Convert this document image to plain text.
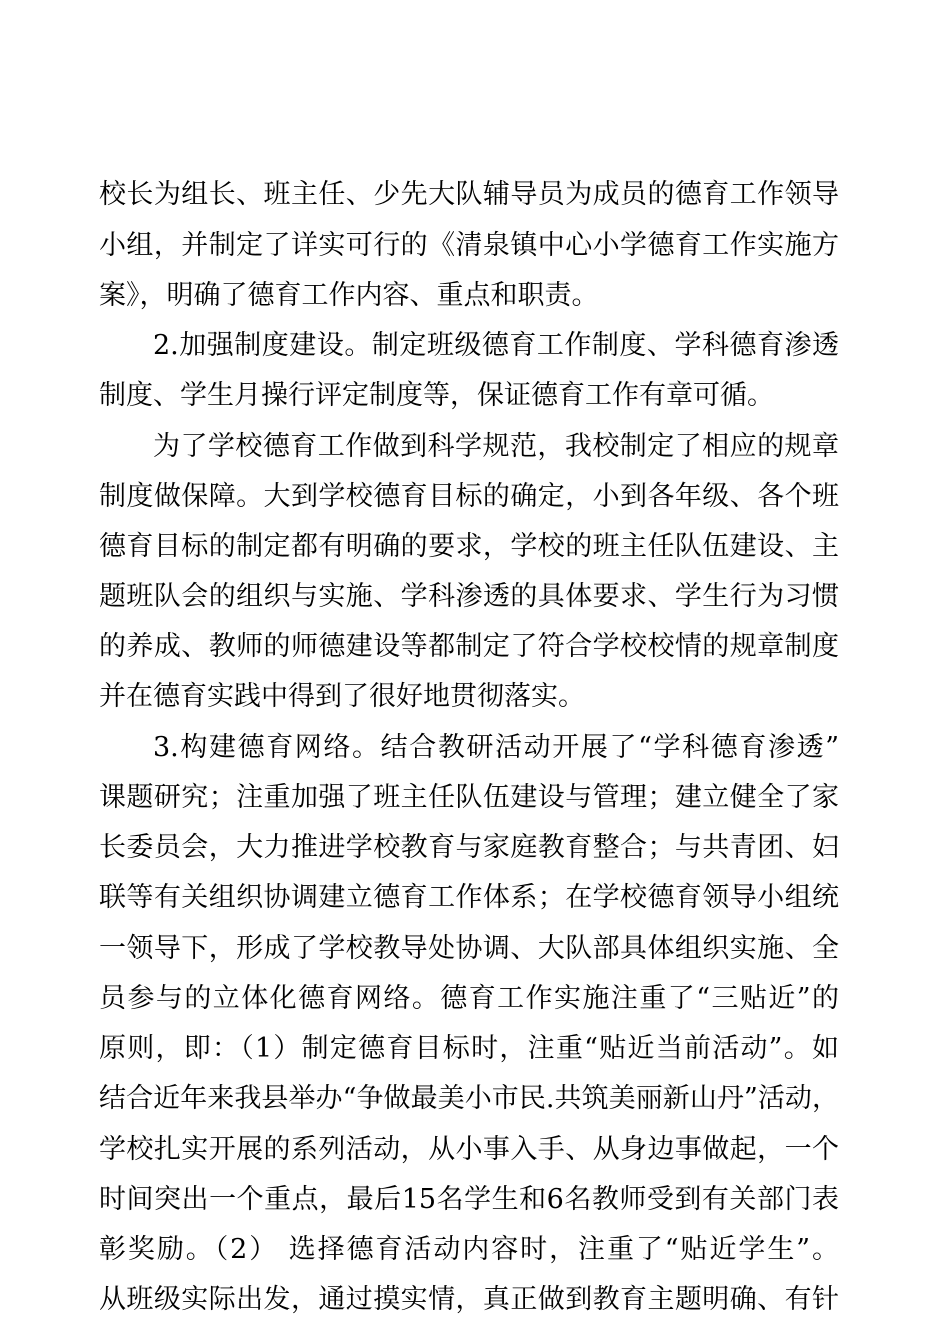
校长为组长、班主任、少先大队辅导员为成员的德育工作领导
小组，并制定了详实可行的《清泉镇中心小学德育工作实施方
案》，明确了德育工作内容、重点和职责。
2.加强制度建设。制定班级德育工作制度、学科德育渗透
制度、学生月操行评定制度等，保证德育工作有章可循。
为了学校德育工作做到科学规范，我校制定了相应的规章
制度做保障。大到学校德育目标的确定，小到各年级、各个班
德育目标的制定都有明确的要求，学校的班主任队伍建设、主
题班队会的组织与实施、学科渗透的具体要求、学生行为习惯
的养成、教师的师德建设等都制定了符合学校校情的规章制度
并在德育实践中得到了很好地贯彻落实。
3.构建德育网络。结合教研活动开展了“学科德育渗透”
课题研究；注重加强了班主任队伍建设与管理；建立健全了家
长委员会，大力推进学校教育与家庭教育整合；与共青团、妇
联等有关组织协调建立德育工作体系；在学校德育领导小组统
一领导下，形成了学校教导处协调、大队部具体组织实施、全
员参与的立体化德育网络。德育工作实施注重了“三贴近”的
原则，即：（1）制定德育目标时，注重“贴近当前活动”。如
结合近年来我县举办“争做最美小市民.共筑美丽新山丹”活动，
学校扎实开展的系列活动，从小事入手、从身边事做起，一个
时间突出一个重点，最后15名学生和6名教师受到有关部门表
彰奖励。（2） 选择德育活动内容时，注重了“贴近学生”。
从班级实际出发，通过摸实情，真正做到教育主题明确、有针
